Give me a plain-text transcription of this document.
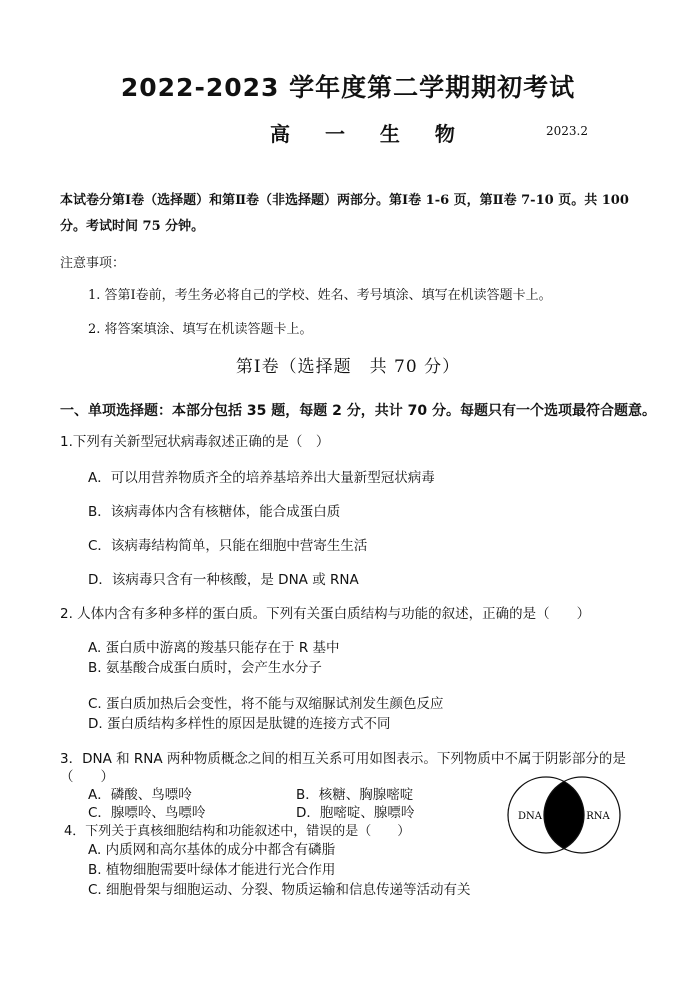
2022-2023 学年度第二学期期初考试
高 一 生 物	2023.2
本试卷分第Ⅰ卷（选择题）和第Ⅱ卷（非选择题）两部分。第Ⅰ卷 1-6 页，第Ⅱ卷 7-10 页。共 100 分。考试时间 75 分钟。
注意事项：
1. 答第Ⅰ卷前，考生务必将自己的学校、姓名、考号填涂、填写在机读答题卡上。
2. 将答案填涂、填写在机读答题卡上。
第Ⅰ卷（选择题　共 70 分）
一、单项选择题：本部分包括 35 题，每题 2 分，共计 70 分。每题只有一个选项最符合题意。
1.下列有关新型冠状病毒叙述正确的是（　）
A．可以用营养物质齐全的培养基培养出大量新型冠状病毒
B．该病毒体内含有核糖体，能合成蛋白质
C．该病毒结构简单，只能在细胞中营寄生生活
D．该病毒只含有一种核酸，是 DNA 或 RNA
2. 人体内含有多种多样的蛋白质。下列有关蛋白质结构与功能的叙述，正确的是（　　）
A. 蛋白质中游离的羧基只能存在于 R 基中
B. 氨基酸合成蛋白质时，会产生水分子
C. 蛋白质加热后会变性，将不能与双缩脲试剂发生颜色反应
D. 蛋白质结构多样性的原因是肽键的连接方式不同
3．DNA 和 RNA 两种物质概念之间的相互关系可用如图表示。下列物质中不属于阴影部分的是
（　　）
A．磷酸、鸟嘌呤	B．核糖、胸腺嘧啶
C．腺嘌呤、鸟嘌呤	D．胞嘧啶、腺嘌呤	DNA	RNA
4．下列关于真核细胞结构和功能叙述中，错误的是（　　）
A. 内质网和高尔基体的成分中都含有磷脂
B. 植物细胞需要叶绿体才能进行光合作用
C. 细胞骨架与细胞运动、分裂、物质运输和信息传递等活动有关
